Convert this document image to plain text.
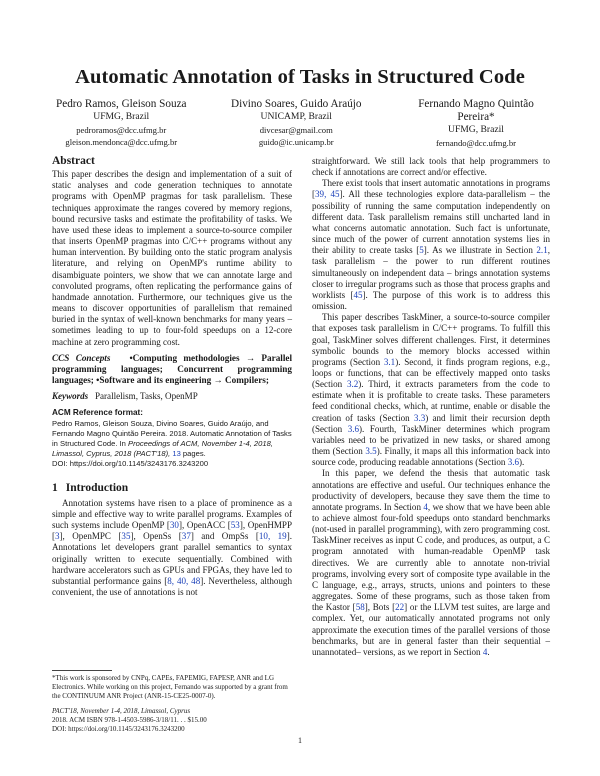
Automatic Annotation of Tasks in Structured Code
Pedro Ramos, Gleison Souza
UFMG, Brazil
pedroramos@dcc.ufmg.br
gleison.mendonca@dcc.ufmg.br
Divino Soares, Guido Araújo
UNICAMP, Brazil
divcesar@gmail.com
guido@ic.unicamp.br
Fernando Magno Quintão Pereira*
UFMG, Brazil
fernando@dcc.ufmg.br
Abstract

This paper describes the design and implementation of a suit of static analyses and code generation techniques to annotate programs with OpenMP pragmas for task parallelism. These techniques approximate the ranges covered by memory regions, bound recursive tasks and estimate the profitability of tasks. We have used these ideas to implement a source-to-source compiler that inserts OpenMP pragmas into C/C++ programs without any human intervention. By building onto the static program analysis literature, and relying on OpenMP's runtime ability to disambiguate pointers, we show that we can annotate large and convoluted programs, often replicating the performance gains of handmade annotation. Furthermore, our techniques give us the means to discover opportunities of parallelism that remained buried in the syntax of well-known benchmarks for many years – sometimes leading to up to four-fold speedups on a 12-core machine at zero programming cost.

CCS Concepts •Computing methodologies → Parallel programming languages; Concurrent programming languages; •Software and its engineering → Compilers;
Keywords Parallelism, Tasks, OpenMP
ACM Reference format:
Pedro Ramos, Gleison Souza, Divino Soares, Guido Araújo, and Fernando Magno Quintão Pereira. 2018. Automatic Annotation of Tasks in Structured Code. In Proceedings of ACM, November 1-4, 2018, Limassol, Cyprus, 2018 (PACT'18), 13 pages.
DOI: https://doi.org/10.1145/3243176.3243200
1 Introduction

Annotation systems have risen to a place of prominence as a simple and effective way to write parallel programs. Examples of such systems include OpenMP [30], OpenACC [53], OpenHMPP [3], OpenMPC [35], OpenSs [37] and OmpSs [10, 19]. Annotations let developers grant parallel semantics to syntax originally written to execute sequentially. Combined with hardware accelerators such as GPUs and FPGAs, they have led to substantial performance gains [8, 40, 48]. Nevertheless, although convenient, the use of annotations is not

*This work is sponsored by CNPq, CAPEs, FAPEMIG, FAPESP, ANR and LG Electronics. While working on this project, Fernando was supported by a grant from the CONTINUUM ANR Project (ANR-15-CE25-0007-0).
PACT'18, November 1-4, 2018, Limassol, Cyprus
2018. ACM ISBN 978-1-4503-5986-3/18/11. . . $15.00
DOI: https://doi.org/10.1145/3243176.3243200

straightforward. We still lack tools that help programmers to check if annotations are correct and/or effective.

There exist tools that insert automatic annotations in programs [39, 45]. All these technologies explore data-parallelism – the possibility of running the same computation independently on different data. Task parallelism remains still uncharted land in what concerns automatic annotation. Such fact is unfortunate, since much of the power of current annotation systems lies in their ability to create tasks [5]. As we illustrate in Section 2.1, task parallelism – the power to run different routines simultaneously on independent data – brings annotation systems closer to irregular programs such as those that process graphs and worklists [45]. The purpose of this work is to address this omission.

This paper describes TaskMiner, a source-to-source compiler that exposes task parallelism in C/C++ programs. To fulfill this goal, TaskMiner solves different challenges. First, it determines symbolic bounds to the memory blocks accessed within programs (Section 3.1). Second, it finds program regions, e.g., loops or functions, that can be effectively mapped onto tasks (Section 3.2). Third, it extracts parameters from the code to estimate when it is profitable to create tasks. These parameters feed conditional checks, which, at runtime, enable or disable the creation of tasks (Section 3.3) and limit their recursion depth (Section 3.6). Fourth, TaskMiner determines which program variables need to be privatized in new tasks, or shared among them (Section 3.5). Finally, it maps all this information back into source code, producing readable annotations (Section 3.6).

In this paper, we defend the thesis that automatic task annotations are effective and useful. Our techniques enhance the productivity of developers, because they save them the time to annotate programs. In Section 4, we show that we have been able to achieve almost four-fold speedups onto standard benchmarks (not-used in parallel programming), with zero programming cost. TaskMiner receives as input C code, and produces, as output, a C program annotated with human-readable OpenMP task directives. We are currently able to annotate non-trivial programs, involving every sort of composite type available in the C language, e.g., arrays, structs, unions and pointers to these aggregates. Some of these programs, such as those taken from the Kastor [58], Bots [22] or the LLVM test suites, are large and complex. Yet, our automatically annotated programs not only approximate the execution times of the parallel versions of those benchmarks, but are in general faster than their sequential –unannotated– versions, as we report in Section 4.

1
